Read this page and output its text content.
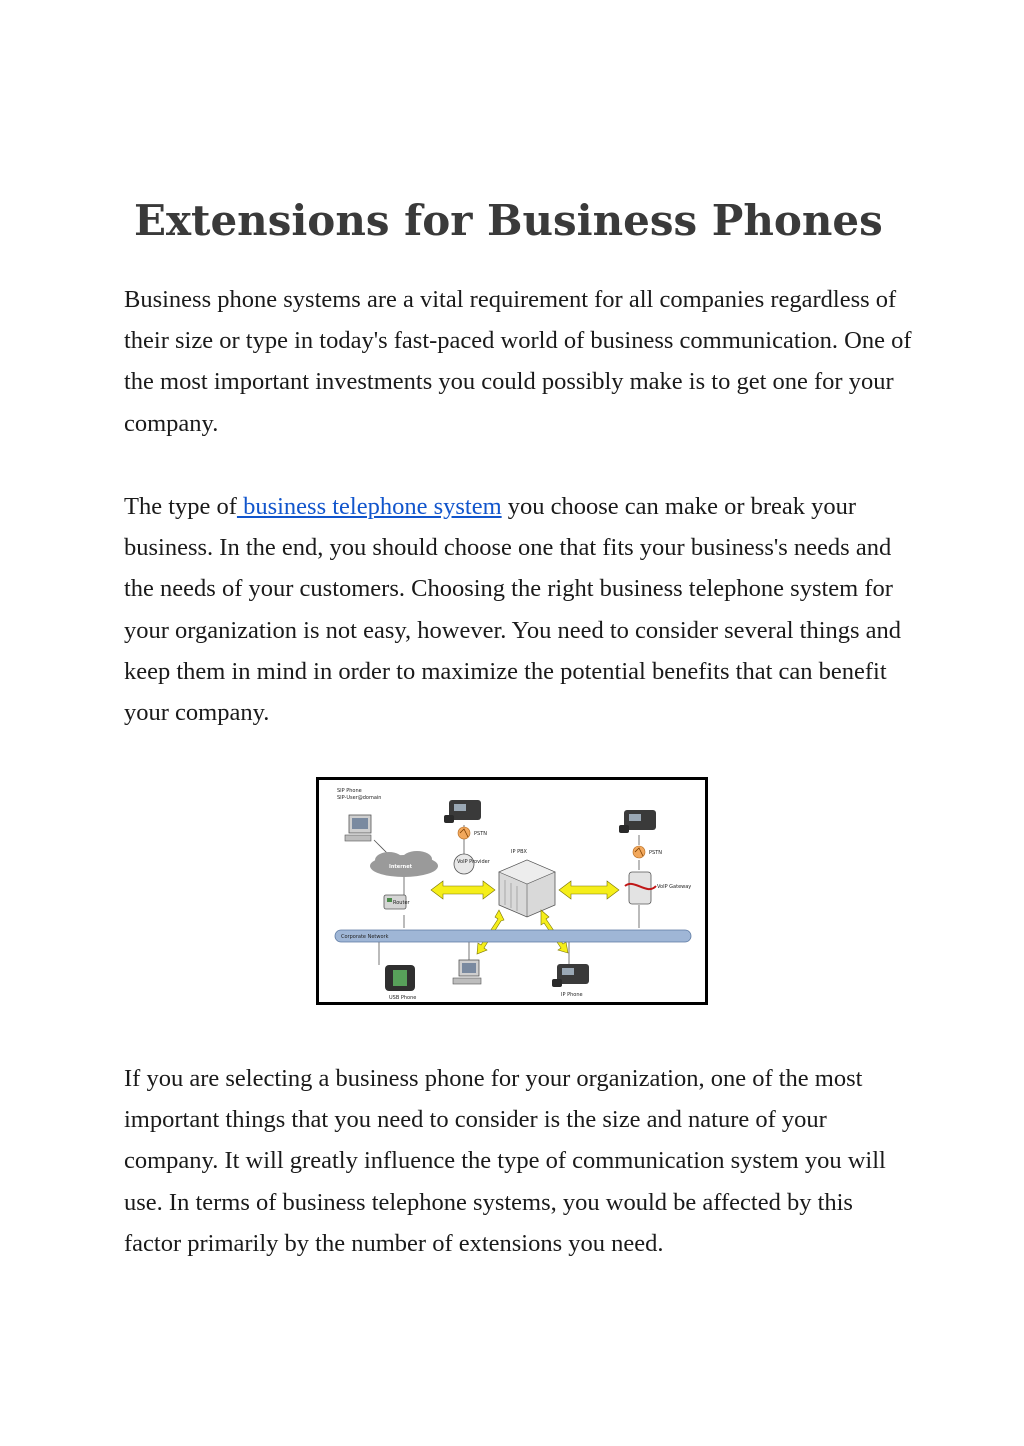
Extensions for Business Phones

Business phone systems are a vital requirement for all companies regardless of their size or type in today's fast-paced world of business communication. One of the most important investments you could possibly make is to get one for your company.

The type of business telephone system you choose can make or break your business. In the end, you should choose one that fits your business's needs and the needs of your customers. Choosing the right business telephone system for your organization is not easy, however. You need to consider several things and keep them in mind in order to maximize the potential benefits that can benefit your company.

SIP Phone
SIP-User@domain
Internet
Router
PSTN
VoIP Provider
IP PBX	PSTN
VoIP Gateway
Corporate Network
USB Phone	IP Phone

If you are selecting a business phone for your organization, one of the most important things that you need to consider is the size and nature of your company. It will greatly influence the type of communication system you will use. In terms of business telephone systems, you would be affected by this factor primarily by the number of extensions you need.
